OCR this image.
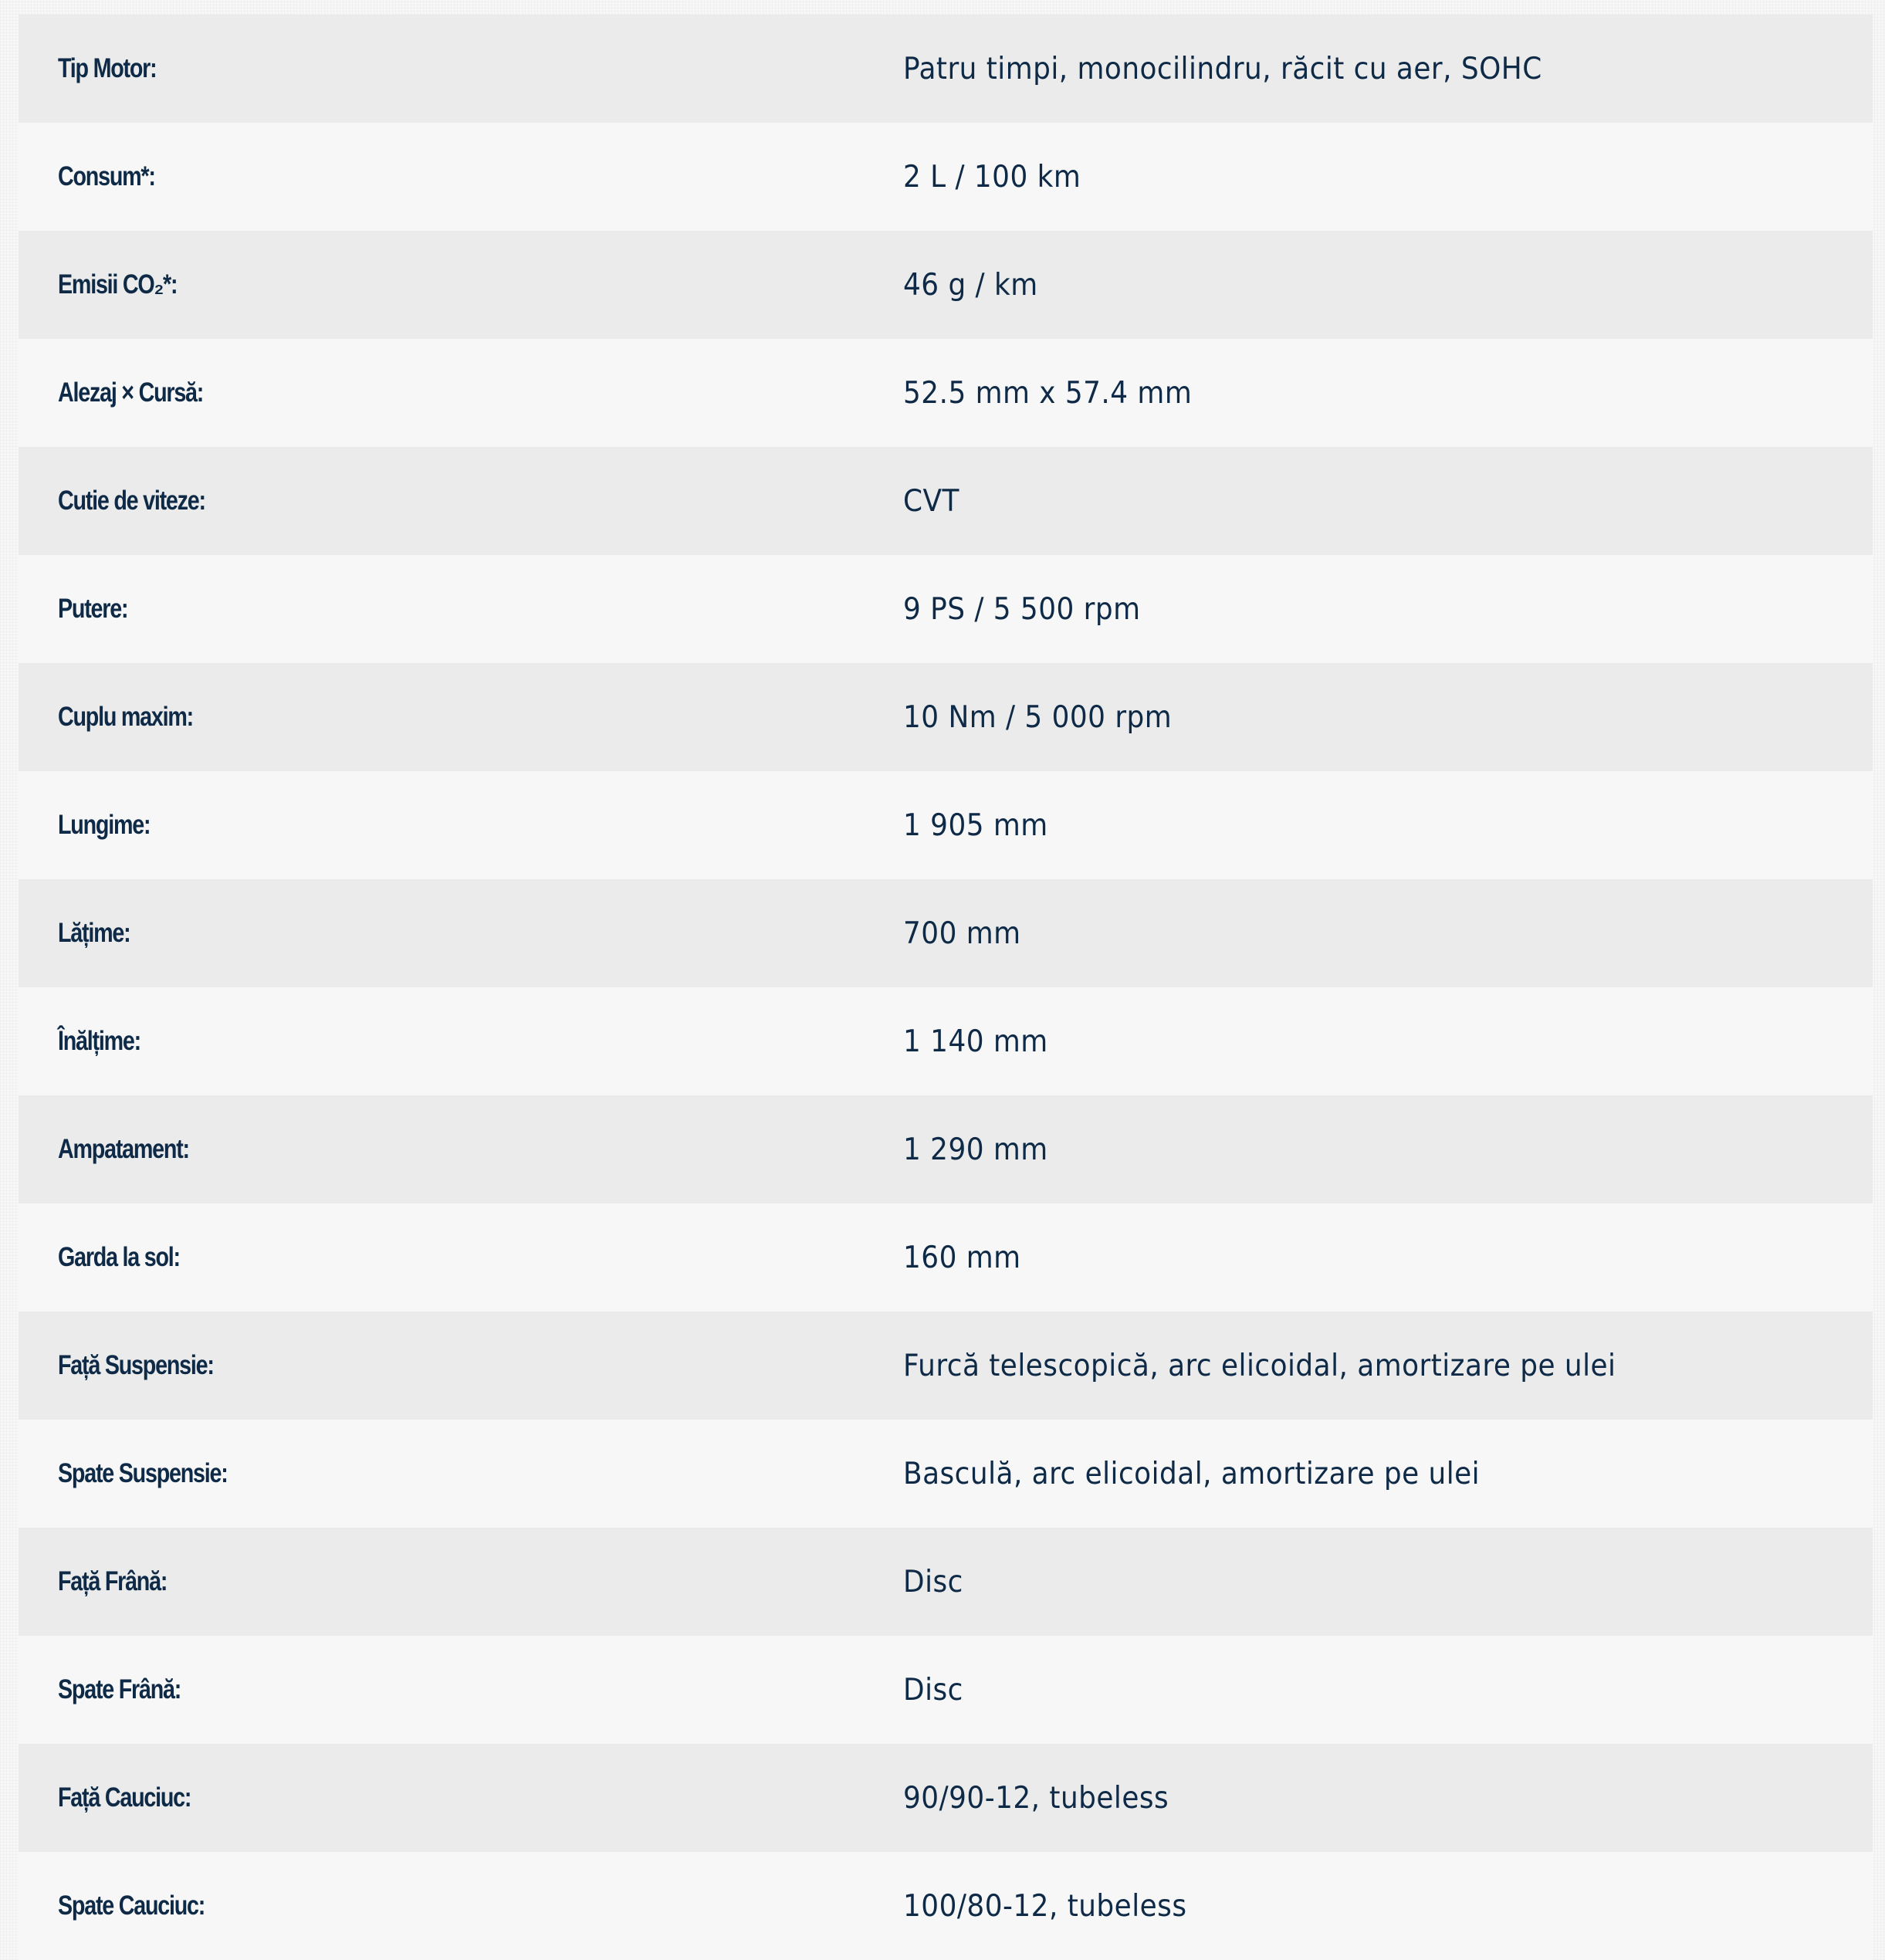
Tip Motor:	Patru timpi, monocilindru, răcit cu aer, SOHC
Consum*:	2 L / 100 km
Emisii CO₂*:	46 g / km
Alezaj × Cursă:	52.5 mm x 57.4 mm
Cutie de viteze:	CVT
Putere:	9 PS / 5 500 rpm
Cuplu maxim:	10 Nm / 5 000 rpm
Lungime:	1 905 mm
Lățime:	700 mm
Înălțime:	1 140 mm
Ampatament:	1 290 mm
Garda la sol:	160 mm
Față Suspensie:	Furcă telescopică, arc elicoidal, amortizare pe ulei
Spate Suspensie:	Basculă, arc elicoidal, amortizare pe ulei
Față Frână:	Disc
Spate Frână:	Disc
Față Cauciuc:	90/90-12, tubeless
Spate Cauciuc:	100/80-12, tubeless
